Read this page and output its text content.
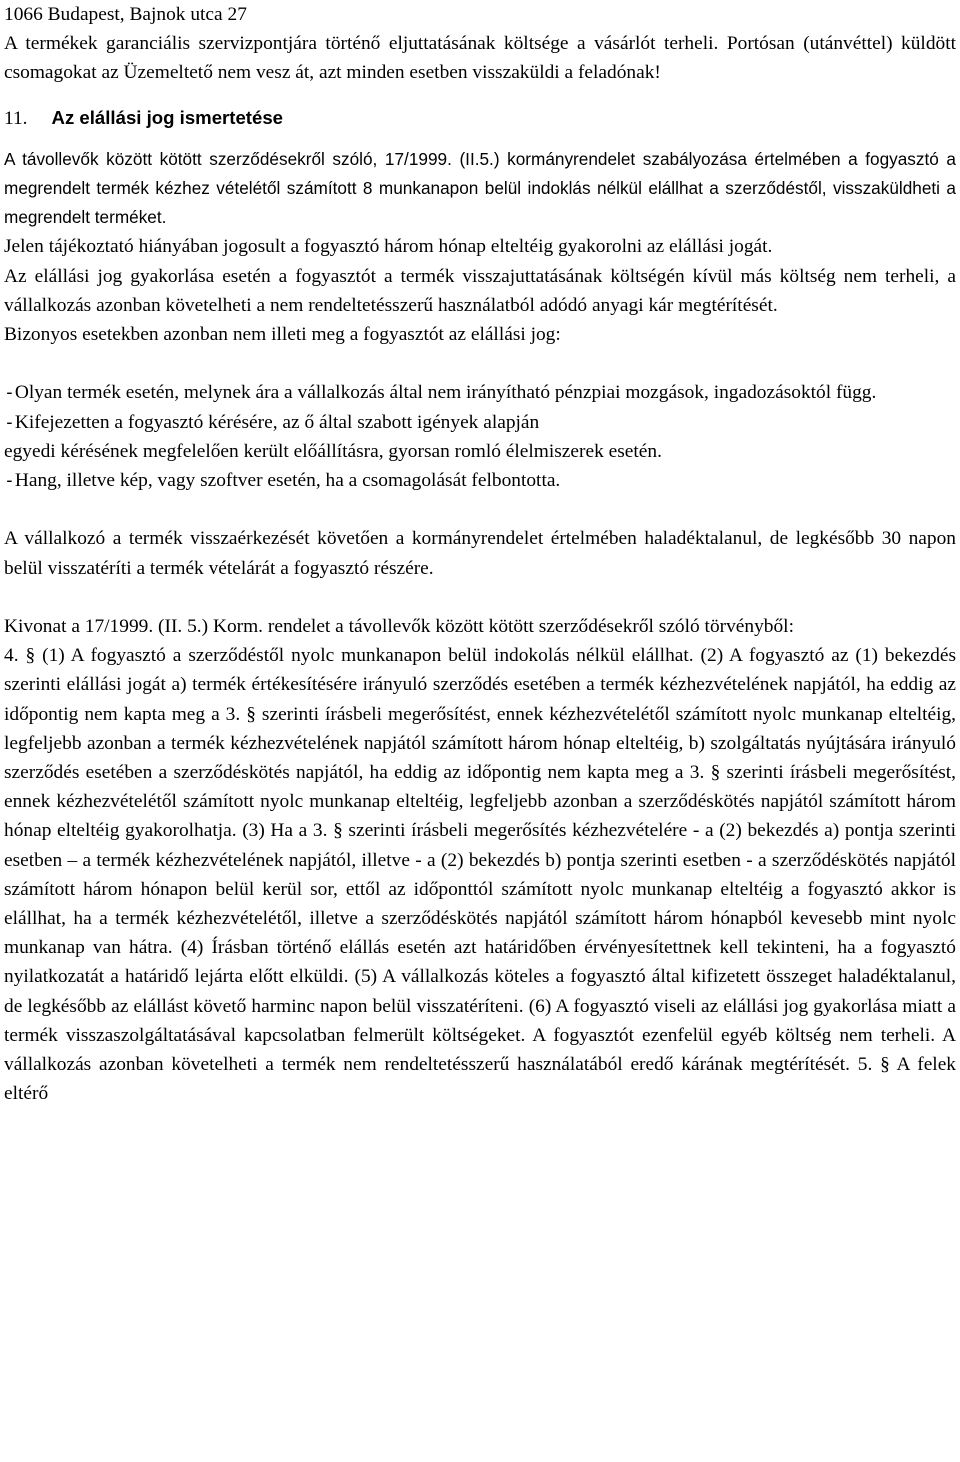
1066 Budapest, Bajnok utca 27

A termékek garanciális szervizpontjára történő eljuttatásának költsége a vásárlót terheli. Portósan (utánvéttel) küldött csomagokat az Üzemeltető nem vesz át, azt minden esetben visszaküldi a feladónak!

11. Az elállási jog ismertetése

A távollevők között kötött szerződésekről szóló, 17/1999. (II.5.) kormányrendelet szabályozása értelmében a fogyasztó a megrendelt termék kézhez vételétől számított 8 munkanapon belül indoklás nélkül elállhat a szerződéstől, visszaküldheti a megrendelt terméket.

Jelen tájékoztató hiányában jogosult a fogyasztó három hónap elteltéig gyakorolni az elállási jogát.

Az elállási jog gyakorlása esetén a fogyasztót a termék visszajuttatásának költségén kívül más költség nem terheli, a vállalkozás azonban követelheti a nem rendeltetésszerű használatból adódó anyagi kár megtérítését.

Bizonyos esetekben azonban nem illeti meg a fogyasztót az elállási jog:

-Olyan termék esetén, melynek ára a vállalkozás által nem irányítható pénzpiai mozgások, ingadozásoktól függ.

-Kifejezetten a fogyasztó kérésére, az ő által szabott igények alapján

egyedi kérésének megfelelően került előállításra, gyorsan romló élelmiszerek esetén.

-Hang, illetve kép, vagy szoftver esetén, ha a csomagolását felbontotta.

A vállalkozó a termék visszaérkezését követően a kormányrendelet értelmében haladéktalanul, de legkésőbb 30 napon belül visszatéríti a termék vételárát a fogyasztó részére.

Kivonat a 17/1999. (II. 5.) Korm. rendelet a távollevők között kötött szerződésekről szóló törvényből:

4. § (1) A fogyasztó a szerződéstől nyolc munkanapon belül indokolás nélkül elállhat. (2) A fogyasztó az (1) bekezdés szerinti elállási jogát a) termék értékesítésére irányuló szerződés esetében a termék kézhezvételének napjától, ha eddig az időpontig nem kapta meg a 3. § szerinti írásbeli megerősítést, ennek kézhezvételétől számított nyolc munkanap elteltéig, legfeljebb azonban a termék kézhezvételének napjától számított három hónap elteltéig, b) szolgáltatás nyújtására irányuló szerződés esetében a szerződéskötés napjától, ha eddig az időpontig nem kapta meg a 3. § szerinti írásbeli megerősítést, ennek kézhezvételétől számított nyolc munkanap elteltéig, legfeljebb azonban a szerződéskötés napjától számított három hónap elteltéig gyakorolhatja. (3) Ha a 3. § szerinti írásbeli megerősítés kézhezvételére - a (2) bekezdés a) pontja szerinti esetben – a termék kézhezvételének napjától, illetve - a (2) bekezdés b) pontja szerinti esetben - a szerződéskötés napjától számított három hónapon belül kerül sor, ettől az időponttól számított nyolc munkanap elteltéig a fogyasztó akkor is elállhat, ha a termék kézhezvételétől, illetve a szerződéskötés napjától számított három hónapból kevesebb mint nyolc munkanap van hátra. (4) Írásban történő elállás esetén azt határidőben érvényesítettnek kell tekinteni, ha a fogyasztó nyilatkozatát a határidő lejárta előtt elküldi. (5) A vállalkozás köteles a fogyasztó által kifizetett összeget haladéktalanul, de legkésőbb az elállást követő harminc napon belül visszatéríteni. (6) A fogyasztó viseli az elállási jog gyakorlása miatt a termék visszaszolgáltatásával kapcsolatban felmerült költségeket. A fogyasztót ezenfelül egyéb költség nem terheli. A vállalkozás azonban követelheti a termék nem rendeltetésszerű használatából eredő kárának megtérítését. 5. § A felek eltérő
